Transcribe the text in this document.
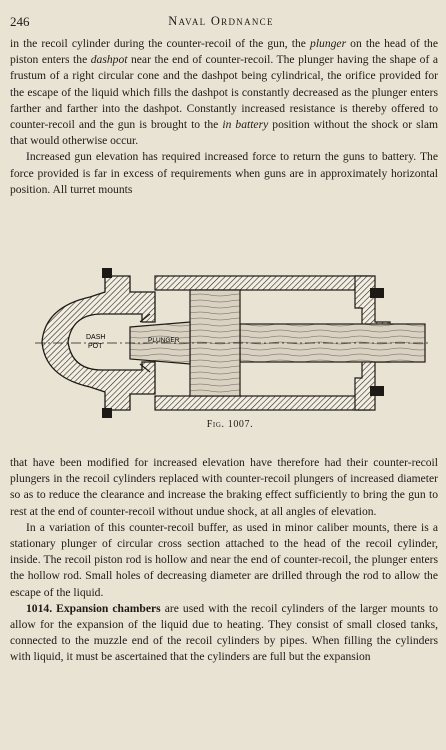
246	Naval Ordnance

in the recoil cylinder during the counter-recoil of the gun, the plunger on the head of the piston enters the dashpot near the end of counter-recoil. The plunger having the shape of a frustum of a right circular cone and the dashpot being cylindrical, the orifice provided for the escape of the liquid which fills the dashpot is constantly decreased as the plunger enters farther and farther into the dashpot. Constantly increased resistance is thereby offered to counter-recoil and the gun is brought to the in battery position without the shock or slam that would otherwise occur.

Increased gun elevation has required increased force to return the guns to battery. The force provided is far in excess of requirements when guns are in approximately horizontal position. All turret mounts

DASH
POT
PLUNGER
Fig. 1007.

that have been modified for increased elevation have therefore had their counter-recoil plungers in the recoil cylinders replaced with counter-recoil plungers of increased diameter so as to reduce the clearance and increase the braking effect sufficiently to bring the gun to rest at the end of counter-recoil without undue shock, at all angles of elevation.

In a variation of this counter-recoil buffer, as used in minor caliber mounts, there is a stationary plunger of circular cross section attached to the head of the recoil cylinder, inside. The recoil piston rod is hollow and near the end of counter-recoil, the plunger enters the hollow rod. Small holes of decreasing diameter are drilled through the rod to allow the escape of the liquid.

1014. Expansion chambers are used with the recoil cylinders of the larger mounts to allow for the expansion of the liquid due to heating. They consist of small closed tanks, connected to the muzzle end of the recoil cylinders by pipes. When filling the cylinders with liquid, it must be ascertained that the cylinders are full but the expansion
